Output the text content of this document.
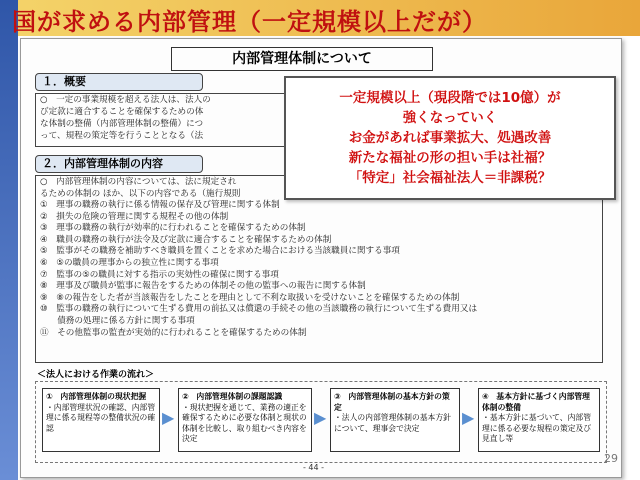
国が求める内部管理（一定規模以上だが）
内部管理体制について
１．概要

○　一定の事業規模を超える法人は、法人の

び定款に適合することを確保するための体

な体制の整備（内部管理体制の整備）につ

って、規程の策定等を行うこととなる（法

２．内部管理体制の内容

○　内部管理体制の内容については、法に規定され

るための体制の ほか、以下の内容である（施行規則

①　理事の職務の執行に係る情報の保存及び管理に関する体制

②　損失の危険の管理に関する規程その他の体制

③　理事の職務の執行が効率的に行われることを確保するための体制

④　職員の職務の執行が法令及び定款に適合することを確保するための体制

⑤　監事がその職務を補助すべき職員を置くことを求めた場合における当該職員に関する事項

⑥　⑤の職員の理事からの独立性に関する事項

⑦　監事の⑤の職員に対する指示の実効性の確保に関する事項

⑧　理事及び職員が監事に報告をするための体制その他の監事への報告に関する体制

⑨　⑧の報告をした者が当該報告をしたことを理由として不利な取扱いを受けないことを確保するための体制

⑩　監事の職務の執行について生ずる費用の前払又は償還の手続その他の当該職務の執行について生ずる費用又は

　　債務の処理に係る方針に関する事項

⑪　その他監事の監査が実効的に行われることを確保するための体制

＜法人における作業の流れ＞
①　内部管理体制の現状把握
・内部管理状況の確認、内部管理に係る規程等の整備状況の確認
▶
②　内部管理体制の課題認識
・現状把握を通じて、業務の適正を確保するために必要な体制と現状の体制を比較し、取り組むべき内容を決定
▶
③　内部管理体制の基本方針の策定
・法人の内部管理体制の基本方針について、理事会で決定
▶
④　基本方針に基づく内部管理体制の整備
・基本方針に基づいて、内部管理に係る必要な規程の策定及び見直し等
- 44 -
一定規模以上（現段階では10億）が
強くなっていく
お金があれば事業拡大、処遇改善
新たな福祉の形の担い手は社福？
「特定」社会福祉法人＝非課税？
29
